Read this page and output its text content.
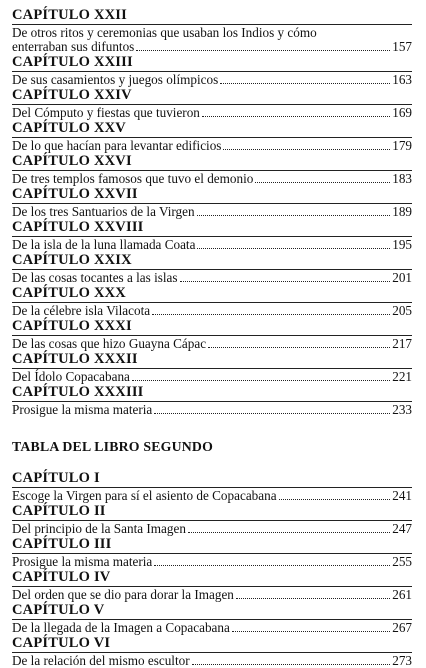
CAPÍTULO XXII
De otros ritos y ceremonias que usaban los Indios y cómo
enterraban sus difuntos	157
CAPÍTULO XXIII
De sus casamientos y juegos olímpicos	163
CAPÍTULO XXIV
Del Cómputo y fiestas que tuvieron	169
CAPÍTULO XXV
De lo que hacían para levantar edificios	179
CAPÍTULO XXVI
De tres templos famosos que tuvo el demonio	183
CAPÍTULO XXVII
De los tres Santuarios de la Virgen	189
CAPÍTULO XXVIII
De la isla de la luna llamada Coata	195
CAPÍTULO XXIX
De las cosas tocantes a las islas	201
CAPÍTULO XXX
De la célebre isla Vilacota	205
CAPÍTULO XXXI
De las cosas que hizo Guayna Cápac	217
CAPÍTULO XXXII
Del Ídolo Copacabana	221
CAPÍTULO XXXIII
Prosigue la misma materia	233
TABLA DEL LIBRO SEGUNDO
CAPÍTULO I
Escoge la Virgen para sí el asiento de Copacabana	241
CAPÍTULO II
Del principio de la Santa Imagen	247
CAPÍTULO III
Prosigue la misma materia	255
CAPÍTULO IV
Del orden que se dio para dorar la Imagen	261
CAPÍTULO V
De la llegada de la Imagen a Copacabana	267
CAPÍTULO VI
De la relación del mismo escultor	273
